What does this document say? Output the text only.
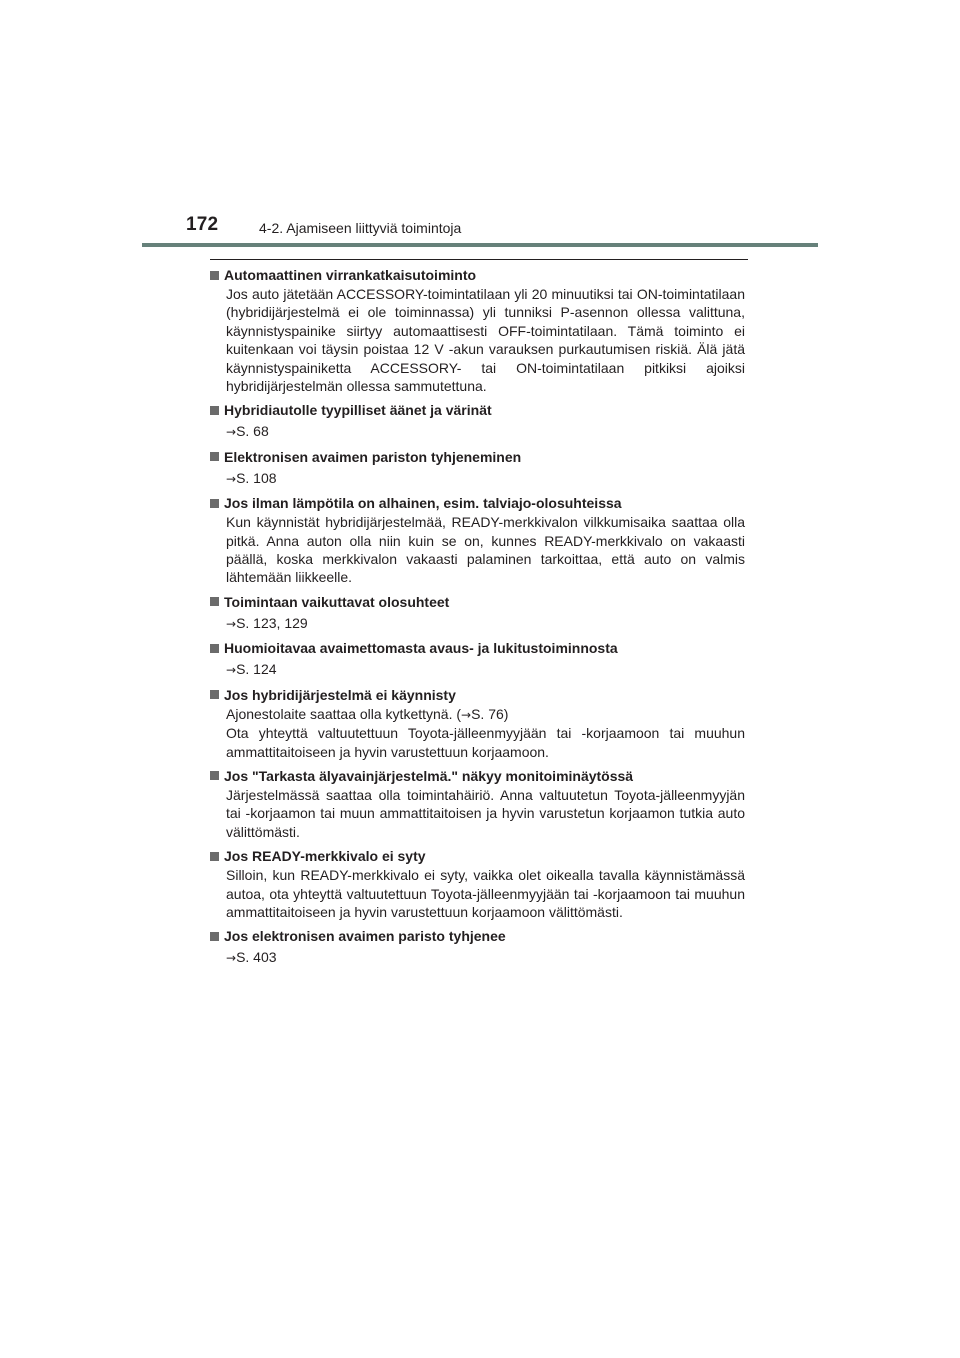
172	4-2. Ajamiseen liittyviä toimintoja
Automaattinen virrankatkaisutoiminto
Jos auto jätetään ACCESSORY-toimintatilaan yli 20 minuutiksi tai ON-toimintatilaan (hybridijärjestelmä ei ole toiminnassa) yli tunniksi P-asennon ollessa valittuna, käynnistyspainike siirtyy automaattisesti OFF-toimintatilaan. Tämä toiminto ei kuitenkaan voi täysin poistaa 12 V -akun varauksen purkautumisen riskiä. Älä jätä käynnistyspainiketta ACCESSORY- tai ON-toimintatilaan pitkiksi ajoiksi hybridijärjestelmän ollessa sammutettuna.
Hybridiautolle tyypilliset äänet ja värinät
→S. 68
Elektronisen avaimen pariston tyhjeneminen
→S. 108
Jos ilman lämpötila on alhainen, esim. talviajo-olosuhteissa
Kun käynnistät hybridijärjestelmää, READY-merkkivalon vilkkumisaika saattaa olla pitkä. Anna auton olla niin kuin se on, kunnes READY-merkkivalo on vakaasti päällä, koska merkkivalon vakaasti palaminen tarkoittaa, että auto on valmis lähtemään liikkeelle.
Toimintaan vaikuttavat olosuhteet
→S. 123, 129
Huomioitavaa avaimettomasta avaus- ja lukitustoiminnosta
→S. 124
Jos hybridijärjestelmä ei käynnisty
Ajonestolaite saattaa olla kytkettynä. (→S. 76)
Ota yhteyttä valtuutettuun Toyota-jälleenmyyjään tai -korjaamoon tai muuhun ammattitaitoiseen ja hyvin varustettuun korjaamoon.
Jos "Tarkasta älyavainjärjestelmä." näkyy monitoiminäytössä
Järjestelmässä saattaa olla toimintahäiriö. Anna valtuutetun Toyota-jälleenmyyjän tai -korjaamon tai muun ammattitaitoisen ja hyvin varustetun korjaamon tutkia auto välittömästi.
Jos READY-merkkivalo ei syty
Silloin, kun READY-merkkivalo ei syty, vaikka olet oikealla tavalla käynnistämässä autoa, ota yhteyttä valtuutettuun Toyota-jälleenmyyjään tai -korjaamoon tai muuhun ammattitaitoiseen ja hyvin varustettuun korjaamoon välittömästi.
Jos elektronisen avaimen paristo tyhjenee
→S. 403
